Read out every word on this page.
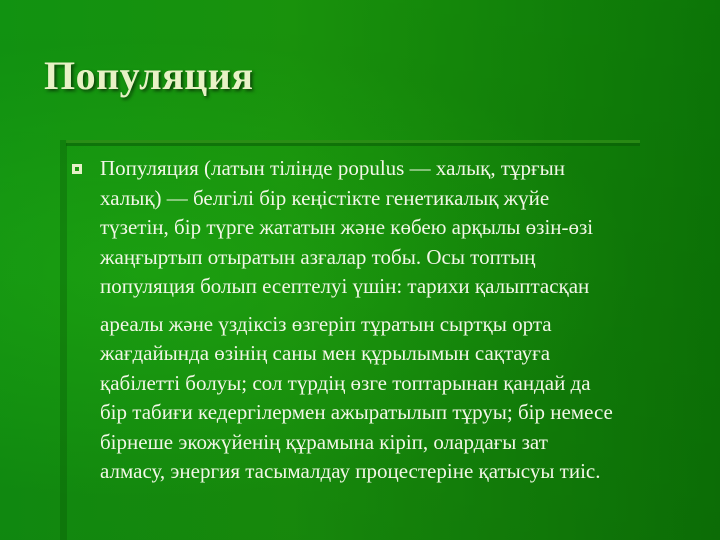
Популяция

Популяция (латын тілінде populus — халық, тұрғын
халық) — белгілі бір кеңістікте генетикалық жүйе
түзетін, бір түрге жататын және көбею арқылы өзін-өзі
жаңғыртып отыратын азғалар тобы. Осы топтың
популяция болып есептелуі үшін: тарихи қалыптасқан

ареалы және үздіксіз өзгеріп тұратын сыртқы орта
жағдайында өзінің саны мен құрылымын сақтауға
қабілетті болуы; сол түрдің өзге топтарынан қандай да
бір табиғи кедергілермен ажыратылып тұруы; бір немесе
бірнеше экожүйенің құрамына кіріп, олардағы зат
алмасу, энергия тасымалдау процестеріне қатысуы тиіс.
